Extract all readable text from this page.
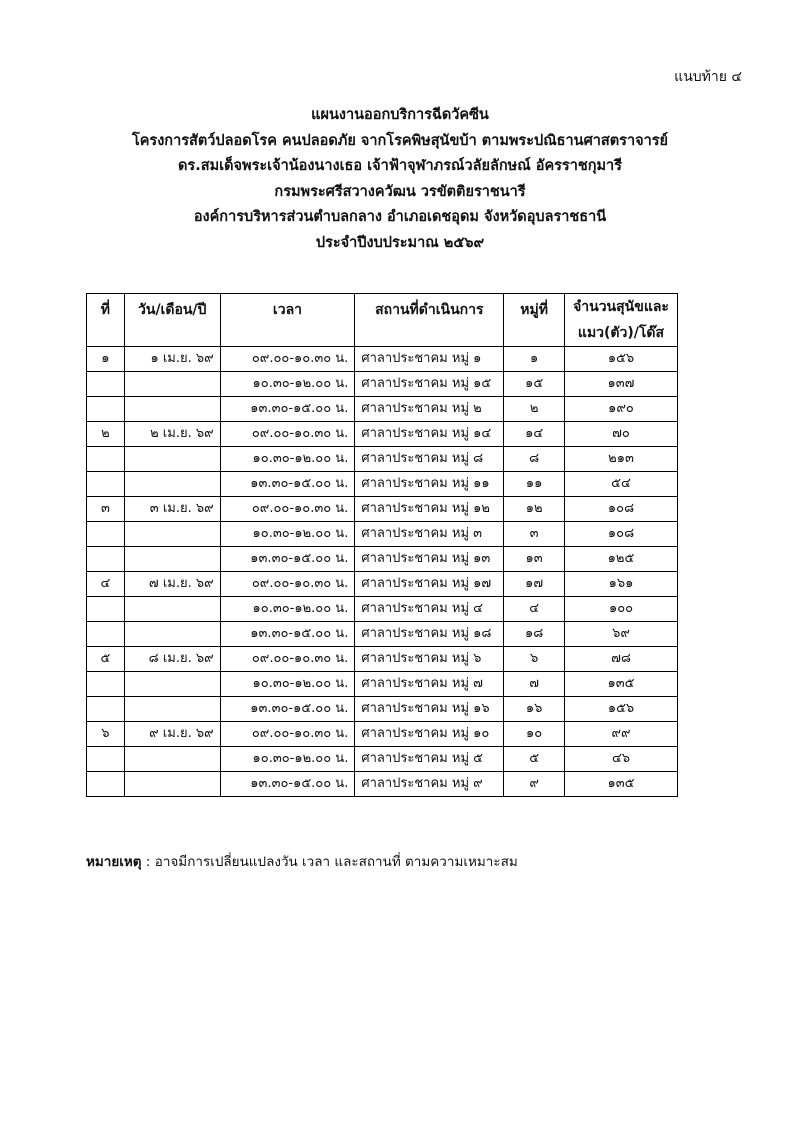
แนบท้าย ๔
แผนงานออกบริการฉีดวัคซีน
โครงการสัตว์ปลอดโรค คนปลอดภัย จากโรคพิษสุนัขบ้า ตามพระปณิธานศาสตราจารย์
ดร.สมเด็จพระเจ้าน้องนางเธอ เจ้าฟ้าจุฬาภรณ์วลัยลักษณ์ อัครราชกุมารี
กรมพระศรีสวางควัฒน วรขัตติยราชนารี
องค์การบริหารส่วนตำบลกลาง อำเภอเดชอุดม จังหวัดอุบลราชธานี
ประจำปีงบประมาณ ๒๕๖๙
ที่	วัน/เดือน/ปี	เวลา	สถานที่ดำเนินการ	หมู่ที่	จำนวนสุนัขและ
					แมว(ตัว)/โด๊ส
๑	๑ เม.ย. ๖๙	๐๙.๐๐-๑๐.๓๐ น.	ศาลาประชาคม หมู่ ๑	๑	๑๕๖
		๑๐.๓๐-๑๒.๐๐ น.	ศาลาประชาคม หมู่ ๑๕	๑๕	๑๓๗
		๑๓.๓๐-๑๕.๐๐ น.	ศาลาประชาคม หมู่ ๒	๒	๑๙๐
๒	๒ เม.ย. ๖๙	๐๙.๐๐-๑๐.๓๐ น.	ศาลาประชาคม หมู่ ๑๔	๑๔	๗๐
		๑๐.๓๐-๑๒.๐๐ น.	ศาลาประชาคม หมู่ ๘	๘	๒๑๓
		๑๓.๓๐-๑๕.๐๐ น.	ศาลาประชาคม หมู่ ๑๑	๑๑	๕๔
๓	๓ เม.ย. ๖๙	๐๙.๐๐-๑๐.๓๐ น.	ศาลาประชาคม หมู่ ๑๒	๑๒	๑๐๘
		๑๐.๓๐-๑๒.๐๐ น.	ศาลาประชาคม หมู่ ๓	๓	๑๐๘
		๑๓.๓๐-๑๕.๐๐ น.	ศาลาประชาคม หมู่ ๑๓	๑๓	๑๒๕
๔	๗ เม.ย. ๖๙	๐๙.๐๐-๑๐.๓๐ น.	ศาลาประชาคม หมู่ ๑๗	๑๗	๑๖๑
		๑๐.๓๐-๑๒.๐๐ น.	ศาลาประชาคม หมู่ ๔	๔	๑๐๐
		๑๓.๓๐-๑๕.๐๐ น.	ศาลาประชาคม หมู่ ๑๘	๑๘	๖๙
๕	๘ เม.ย. ๖๙	๐๙.๐๐-๑๐.๓๐ น.	ศาลาประชาคม หมู่ ๖	๖	๗๘
		๑๐.๓๐-๑๒.๐๐ น.	ศาลาประชาคม หมู่ ๗	๗	๑๓๕
		๑๓.๓๐-๑๕.๐๐ น.	ศาลาประชาคม หมู่ ๑๖	๑๖	๑๕๖
๖	๙ เม.ย. ๖๙	๐๙.๐๐-๑๐.๓๐ น.	ศาลาประชาคม หมู่ ๑๐	๑๐	๙๙
		๑๐.๓๐-๑๒.๐๐ น.	ศาลาประชาคม หมู่ ๕	๕	๔๖
		๑๓.๓๐-๑๕.๐๐ น.	ศาลาประชาคม หมู่ ๙	๙	๑๓๕
หมายเหตุ : อาจมีการเปลี่ยนแปลงวัน เวลา และสถานที่ ตามความเหมาะสม
